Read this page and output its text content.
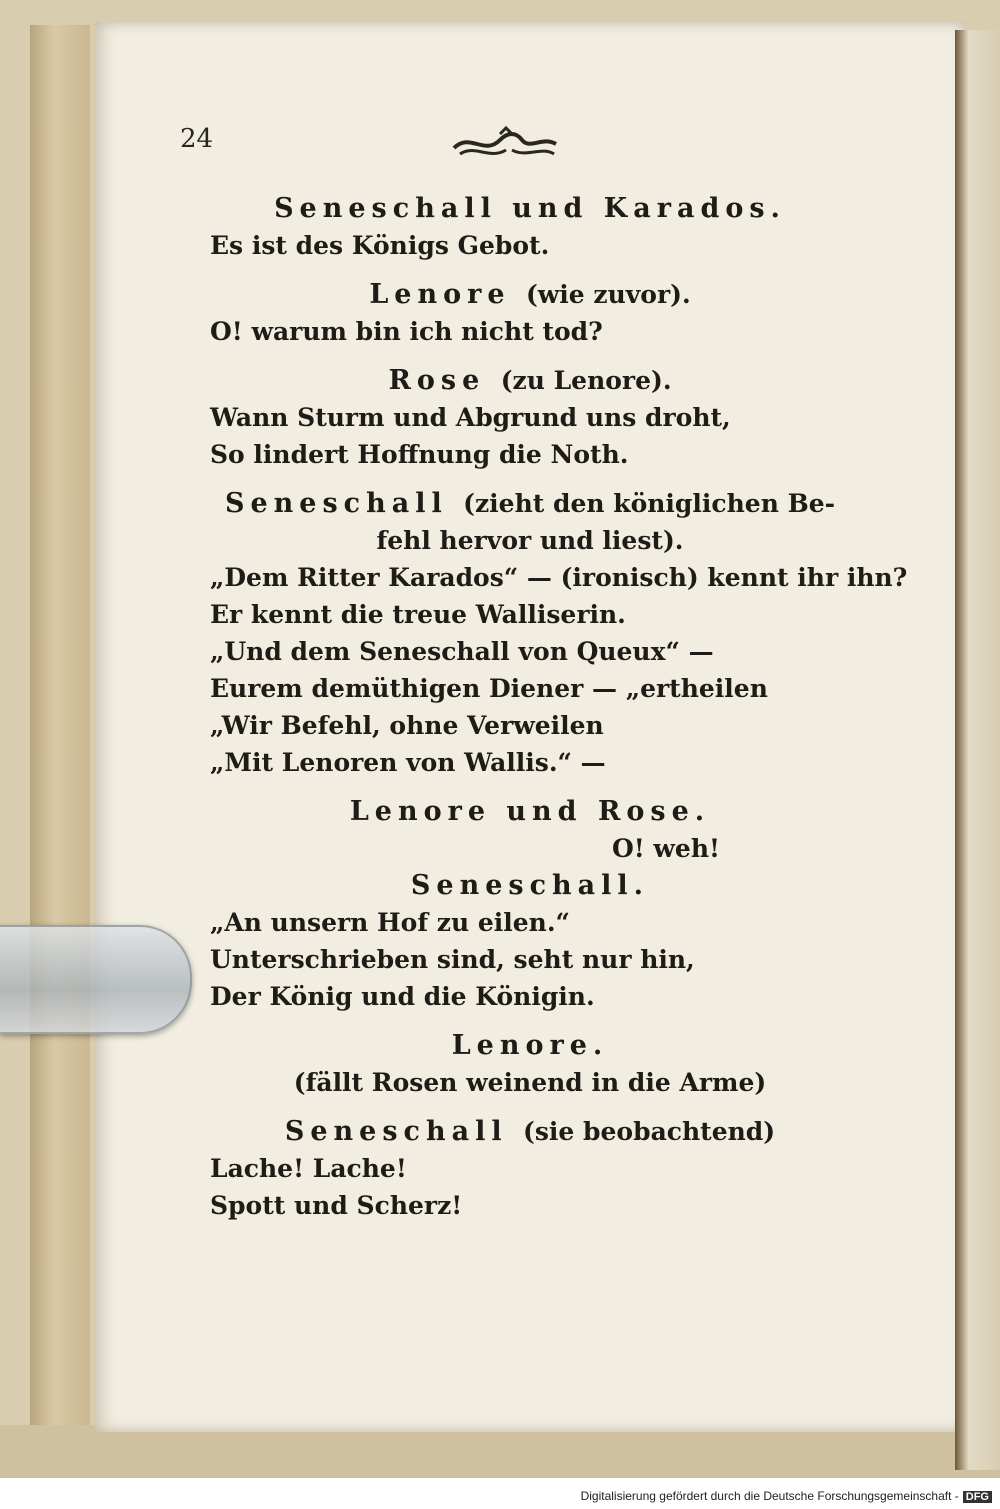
24
Seneschall und Karados.
Es ist des Königs Gebot.
Lenore (wie zuvor).
O! warum bin ich nicht tod?
Rose (zu Lenore).
Wann Sturm und Abgrund uns droht,
So lindert Hoffnung die Noth.
Seneschall (zieht den königlichen Be-
fehl hervor und liest).
„Dem Ritter Karados“ — (ironisch) kennt ihr ihn?
Er kennt die treue Walliserin.
„Und dem Seneschall von Queux“ —
Eurem demüthigen Diener — „ertheilen
„Wir Befehl, ohne Verweilen
„Mit Lenoren von Wallis.“ —
Lenore und Rose.
O! weh!
Seneschall.
„An unsern Hof zu eilen.“
Unterschrieben sind, seht nur hin,
Der König und die Königin.
Lenore.
(fällt Rosen weinend in die Arme)
Seneschall (sie beobachtend)
Lache! Lache!
Spott und Scherz!
Digitalisierung gefördert durch die Deutsche Forschungsgemeinschaft - DFG
